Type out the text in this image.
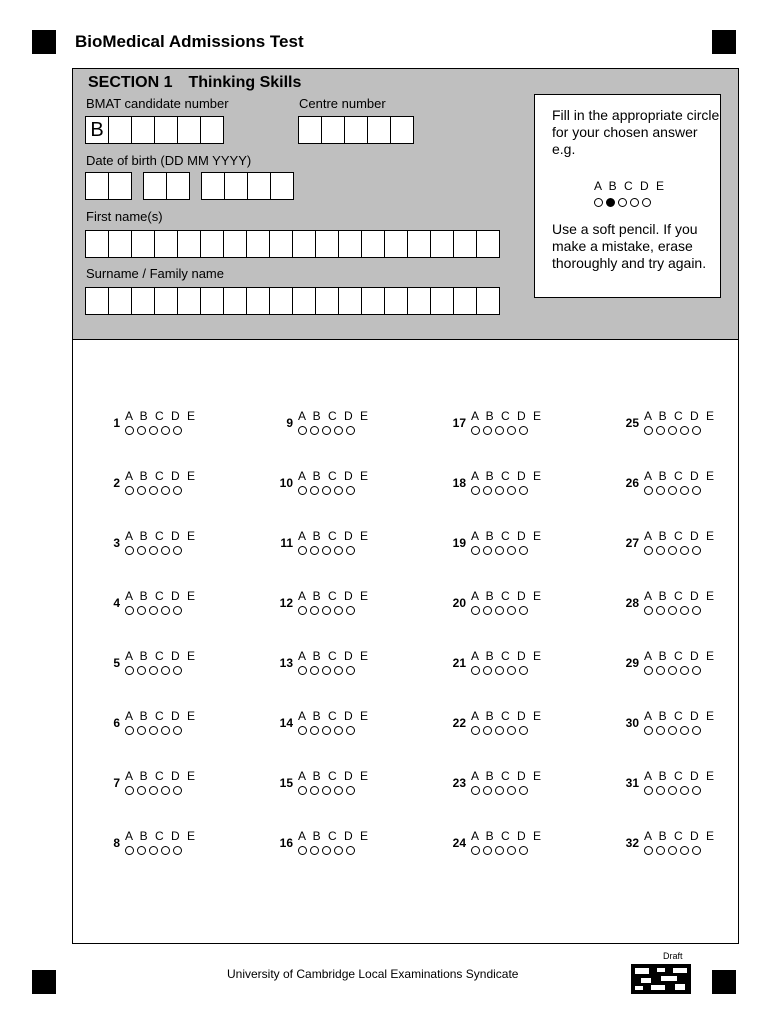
BioMedical Admissions Test
SECTION 1 Thinking Skills
BMAT candidate number
B
Centre number
Date of birth (DD MM YYYY)
First name(s)
Surname / Family name
Fill in the appropriate circle for your chosen answer e.g.
A B C D E
Use a soft pencil. If you make a mistake, erase thoroughly and try again.
1 A B C D E
2 A B C D E
3 A B C D E
4 A B C D E
5 A B C D E
6 A B C D E
7 A B C D E
8 A B C D E
9 A B C D E
10 A B C D E
11 A B C D E
12 A B C D E
13 A B C D E
14 A B C D E
15 A B C D E
16 A B C D E
17 A B C D E
18 A B C D E
19 A B C D E
20 A B C D E
21 A B C D E
22 A B C D E
23 A B C D E
24 A B C D E
25 A B C D E
26 A B C D E
27 A B C D E
28 A B C D E
29 A B C D E
30 A B C D E
31 A B C D E
32 A B C D E
Draft
University of Cambridge Local Examinations Syndicate
